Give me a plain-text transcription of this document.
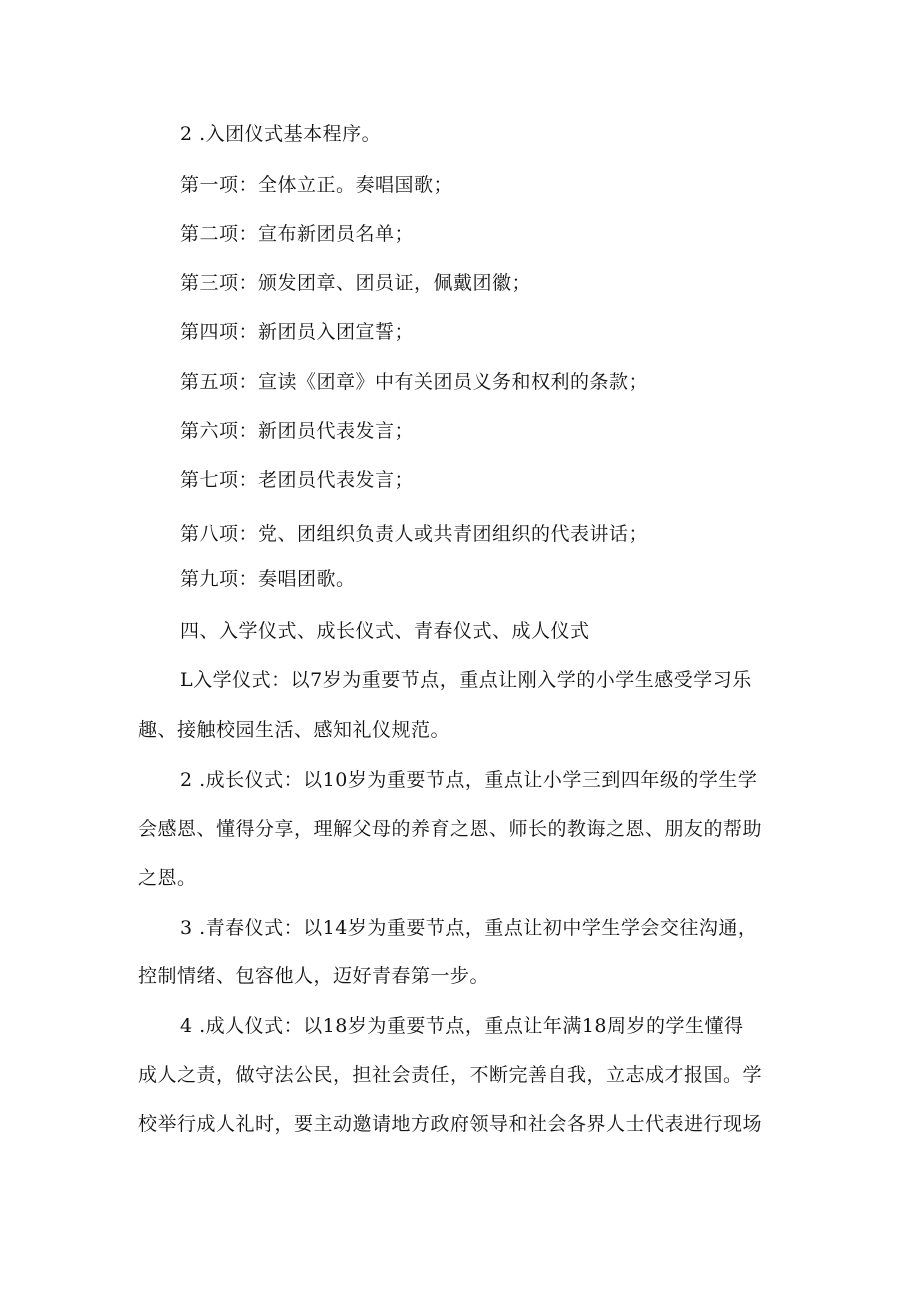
2 .入团仪式基本程序。
第一项：全体立正。奏唱国歌；
第二项：宣布新团员名单；
第三项：颁发团章、团员证，佩戴团徽；
第四项：新团员入团宣誓；
第五项：宣读《团章》中有关团员义务和权利的条款；
第六项：新团员代表发言；
第七项：老团员代表发言；
第八项：党、团组织负责人或共青团组织的代表讲话；
第九项：奏唱团歌。
四、入学仪式、成长仪式、青春仪式、成人仪式
L入学仪式：以7岁为重要节点，重点让刚入学的小学生感受学习乐
趣、接触校园生活、感知礼仪规范。
2 .成长仪式：以10岁为重要节点，重点让小学三到四年级的学生学
会感恩、懂得分享，理解父母的养育之恩、师长的教诲之恩、朋友的帮助
之恩。
3 .青春仪式：以14岁为重要节点，重点让初中学生学会交往沟通，
控制情绪、包容他人，迈好青春第一步。
4 .成人仪式：以18岁为重要节点，重点让年满18周岁的学生懂得
成人之责，做守法公民，担社会责任，不断完善自我，立志成才报国。学
校举行成人礼时，要主动邀请地方政府领导和社会各界人士代表进行现场
